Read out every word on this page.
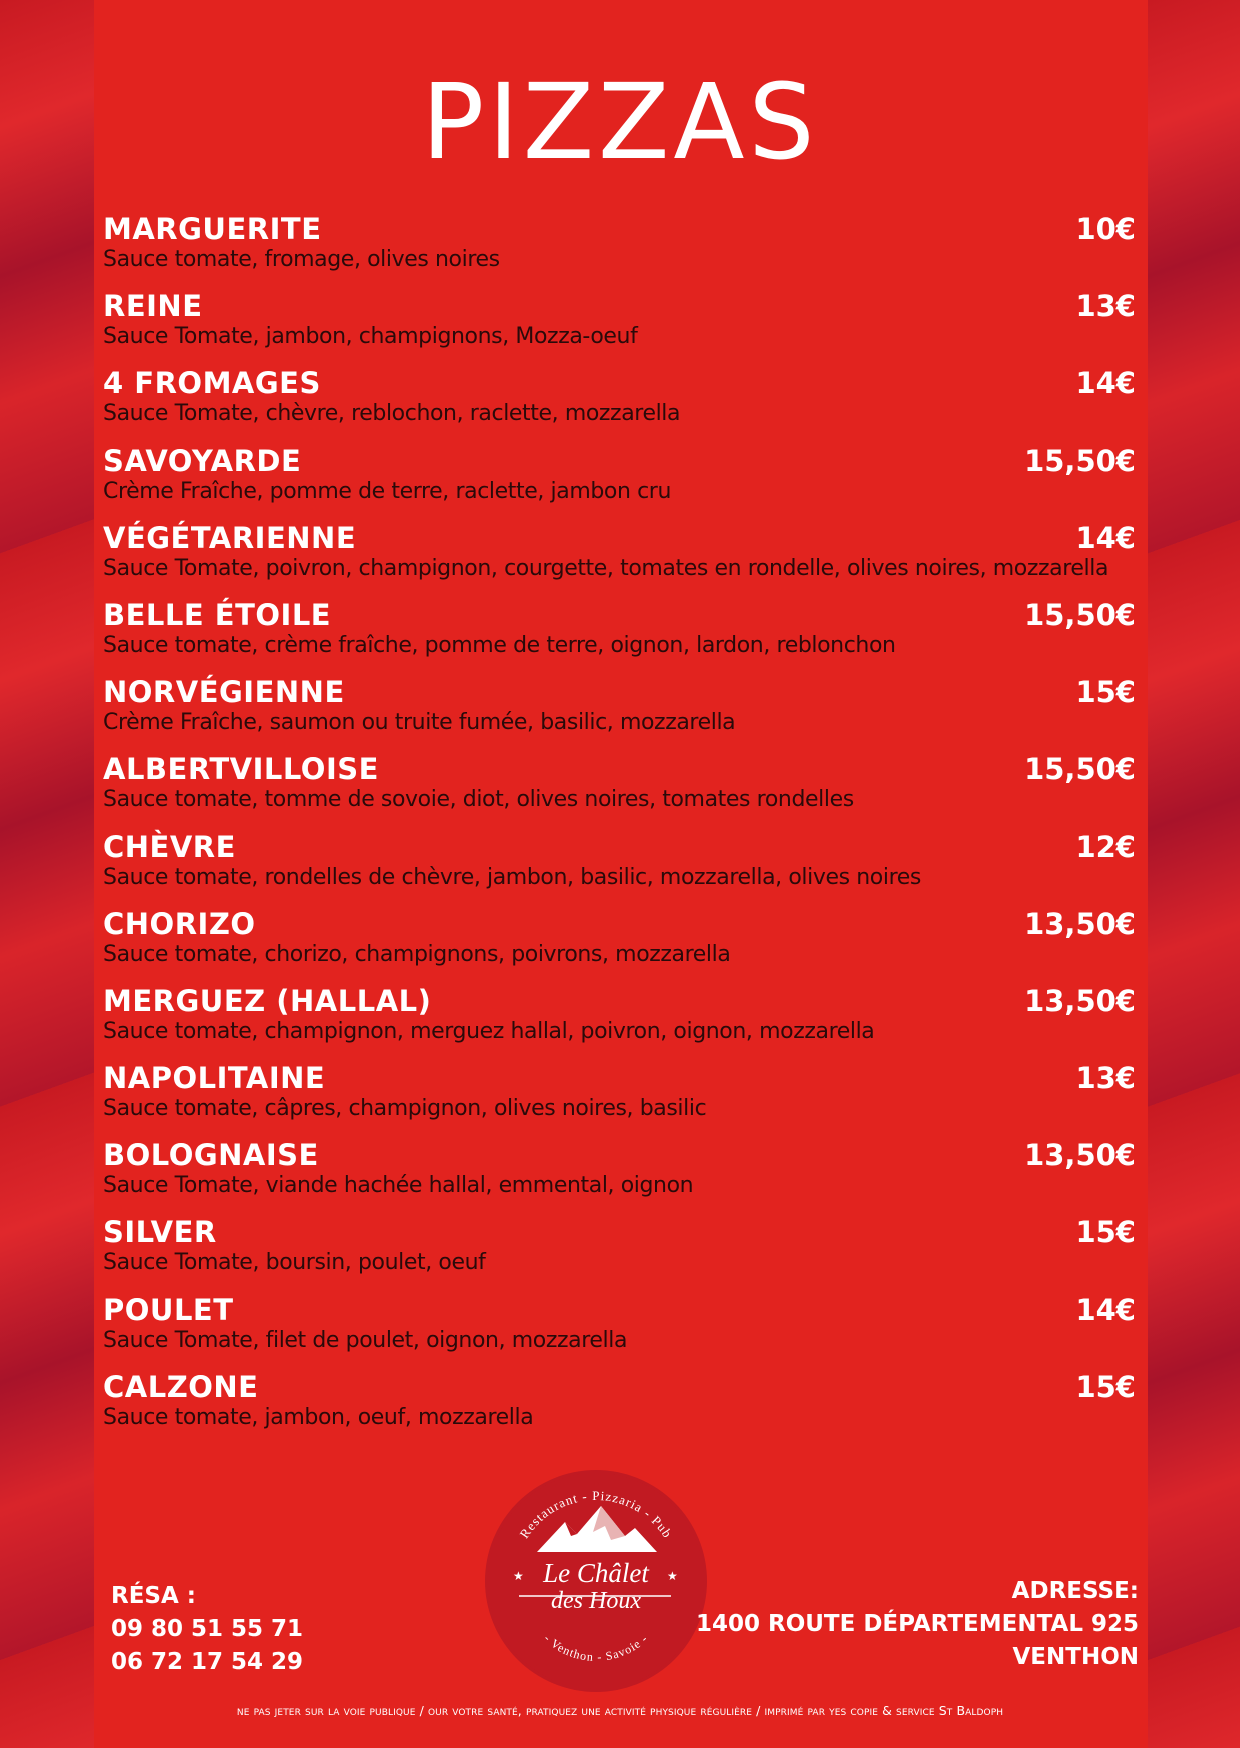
PIZZAS
MARGUERITE	10€
Sauce tomate, fromage, olives noires
REINE	13€
Sauce Tomate, jambon, champignons, Mozza-oeuf
4 FROMAGES	14€
Sauce Tomate, chèvre, reblochon, raclette, mozzarella
SAVOYARDE	15,50€
Crème Fraîche, pomme de terre, raclette, jambon cru
VÉGÉTARIENNE	14€
Sauce Tomate, poivron, champignon, courgette, tomates en rondelle, olives noires, mozzarella
BELLE ÉTOILE	15,50€
Sauce tomate, crème fraîche, pomme de terre, oignon, lardon, reblonchon
NORVÉGIENNE	15€
Crème Fraîche, saumon ou truite fumée, basilic, mozzarella
ALBERTVILLOISE	15,50€
Sauce tomate, tomme de sovoie, diot, olives noires, tomates rondelles
CHÈVRE	12€
Sauce tomate, rondelles de chèvre, jambon, basilic, mozzarella, olives noires
CHORIZO	13,50€
Sauce tomate, chorizo, champignons, poivrons, mozzarella
MERGUEZ (HALLAL)	13,50€
Sauce tomate, champignon, merguez hallal, poivron, oignon, mozzarella
NAPOLITAINE	13€
Sauce tomate, câpres, champignon, olives noires, basilic
BOLOGNAISE	13,50€
Sauce Tomate, viande hachée hallal, emmental, oignon
SILVER	15€
Sauce Tomate, boursin, poulet, oeuf
POULET	14€
Sauce Tomate, filet de poulet, oignon, mozzarella
CALZONE	15€
Sauce tomate, jambon, oeuf, mozzarella
RÉSA :
09 80 51 55 71
06 72 17 54 29
Restaurant - Pizzaria - Pub
Le Châlet
des Houx
★	★
- Venthon - Savoie -
ADRESSE:
1400 ROUTE DÉPARTEMENTAL 925
VENTHON
ne pas jeter sur la voie publique / our votre santé, pratiquez une activité physique régulière / imprimé par yes copie & service St Baldoph
